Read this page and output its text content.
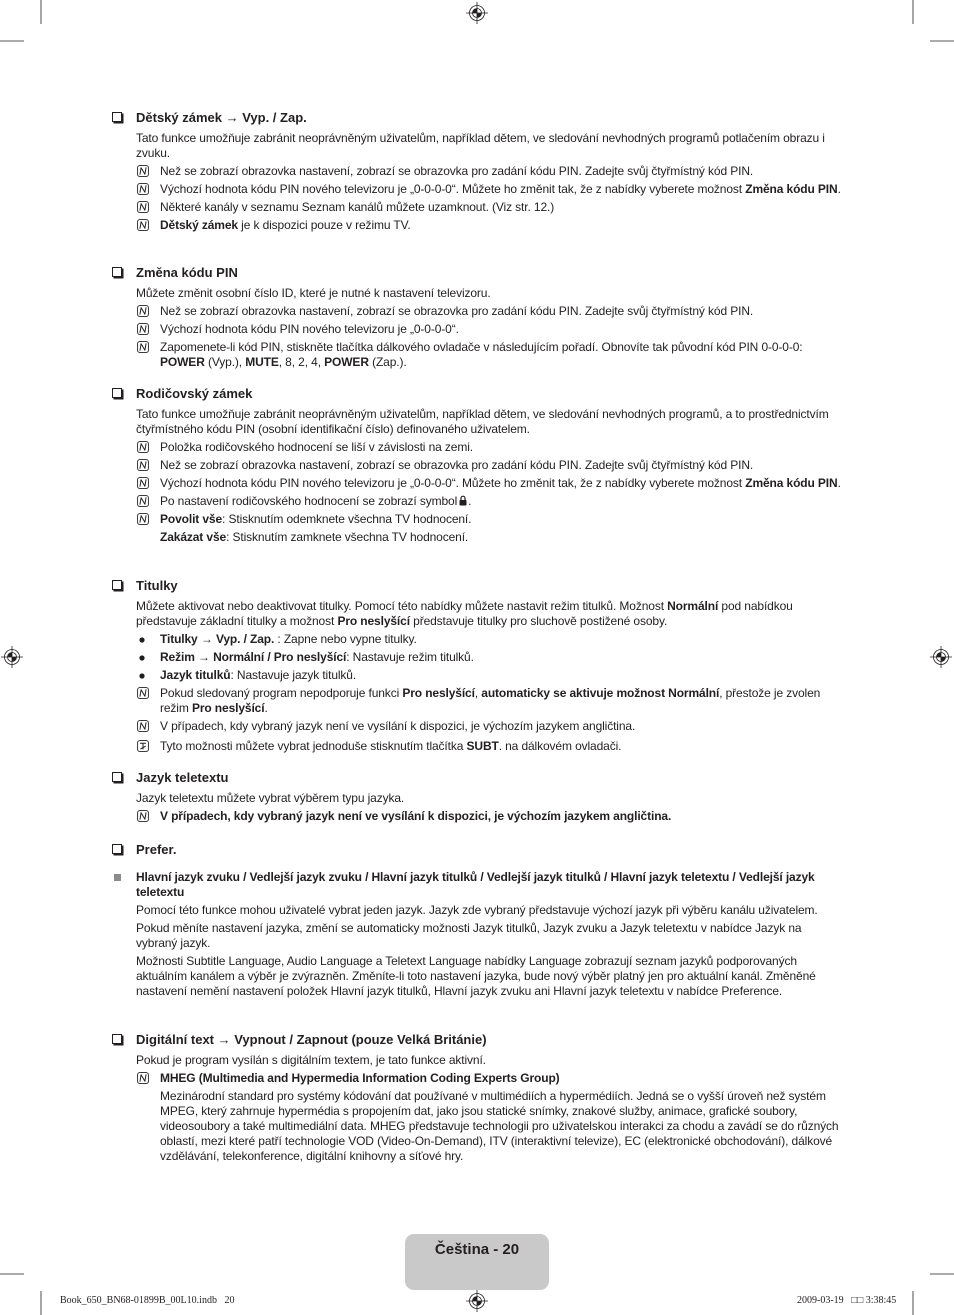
Dětský zámek → Vyp. / Zap.
Tato funkce umožňuje zabránit neoprávněným uživatelům, například dětem, ve sledování nevhodných programů potlačením obrazu i zvuku.
Než se zobrazí obrazovka nastavení, zobrazí se obrazovka pro zadání kódu PIN. Zadejte svůj čtyřmístný kód PIN.
Výchozí hodnota kódu PIN nového televizoru je „0-0-0-0“. Můžete ho změnit tak, že z nabídky vyberete možnost Změna kódu PIN.
Některé kanály v seznamu Seznam kanálů můžete uzamknout. (Viz str. 12.)
Dětský zámek je k dispozici pouze v režimu TV.
Změna kódu PIN
Můžete změnit osobní číslo ID, které je nutné k nastavení televizoru.
Než se zobrazí obrazovka nastavení, zobrazí se obrazovka pro zadání kódu PIN. Zadejte svůj čtyřmístný kód PIN.
Výchozí hodnota kódu PIN nového televizoru je „0-0-0-0“.
Zapomenete-li kód PIN, stiskněte tlačítka dálkového ovladače v následujícím pořadí. Obnovíte tak původní kód PIN 0-0-0-0: POWER (Vyp.), MUTE, 8, 2, 4, POWER (Zap.).
Rodičovský zámek
Tato funkce umožňuje zabránit neoprávněným uživatelům, například dětem, ve sledování nevhodných programů, a to prostřednictvím čtyřmístného kódu PIN (osobní identifikační číslo) definovaného uživatelem.
Položka rodičovského hodnocení se liší v závislosti na zemi.
Než se zobrazí obrazovka nastavení, zobrazí se obrazovka pro zadání kódu PIN. Zadejte svůj čtyřmístný kód PIN.
Výchozí hodnota kódu PIN nového televizoru je „0-0-0-0“. Můžete ho změnit tak, že z nabídky vyberete možnost Změna kódu PIN.
Po nastavení rodičovského hodnocení se zobrazí symbol .
Povolit vše: Stisknutím odemknete všechna TV hodnocení.
Zakázat vše: Stisknutím zamknete všechna TV hodnocení.
Titulky
Můžete aktivovat nebo deaktivovat titulky. Pomocí této nabídky můžete nastavit režim titulků. Možnost Normální pod nabídkou představuje základní titulky a možnost Pro neslyšící představuje titulky pro sluchově postižené osoby.
Titulky → Vyp. / Zap. : Zapne nebo vypne titulky.
Režim → Normální / Pro neslyšící: Nastavuje režim titulků.
Jazyk titulků: Nastavuje jazyk titulků.
Pokud sledovaný program nepodporuje funkci Pro neslyšící, automaticky se aktivuje možnost Normální, přestože je zvolen režim Pro neslyšící.
V případech, kdy vybraný jazyk není ve vysílání k dispozici, je výchozím jazykem angličtina.
Tyto možnosti můžete vybrat jednoduše stisknutím tlačítka SUBT. na dálkovém ovladači.
Jazyk teletextu
Jazyk teletextu můžete vybrat výběrem typu jazyka.
V případech, kdy vybraný jazyk není ve vysílání k dispozici, je výchozím jazykem angličtina.
Prefer.
Hlavní jazyk zvuku / Vedlejší jazyk zvuku / Hlavní jazyk titulků / Vedlejší jazyk titulků / Hlavní jazyk teletextu / Vedlejší jazyk teletextu
Pomocí této funkce mohou uživatelé vybrat jeden jazyk. Jazyk zde vybraný představuje výchozí jazyk při výběru kanálu uživatelem.
Pokud měníte nastavení jazyka, změní se automaticky možnosti Jazyk titulků, Jazyk zvuku a Jazyk teletextu v nabídce Jazyk na vybraný jazyk.
Možnosti Subtitle Language, Audio Language a Teletext Language nabídky Language zobrazují seznam jazyků podporovaných aktuálním kanálem a výběr je zvýrazněn. Změníte-li toto nastavení jazyka, bude nový výběr platný jen pro aktuální kanál. Změněné nastavení nemění nastavení položek Hlavní jazyk titulků, Hlavní jazyk zvuku ani Hlavní jazyk teletextu v nabídce Preference.
Digitální text → Vypnout / Zapnout (pouze Velká Británie)
Pokud je program vysílán s digitálním textem, je tato funkce aktivní.
MHEG (Multimedia and Hypermedia Information Coding Experts Group)
Mezinárodní standard pro systémy kódování dat používané v multimédiích a hypermédiích. Jedná se o vyšší úroveň než systém MPEG, který zahrnuje hypermédia s propojením dat, jako jsou statické snímky, znakové služby, animace, grafické soubory, videosoubory a také multimediální data. MHEG představuje technologii pro uživatelskou interakci za chodu a zavádí se do různých oblastí, mezi které patří technologie VOD (Video-On-Demand), ITV (interaktivní televize), EC (elektronické obchodování), dálkové vzdělávání, telekonference, digitální knihovny a síťové hry.
Čeština - 20
Book_650_BN68-01899B_00L10.indb   20	2009-03-19   □□ 3:38:45
